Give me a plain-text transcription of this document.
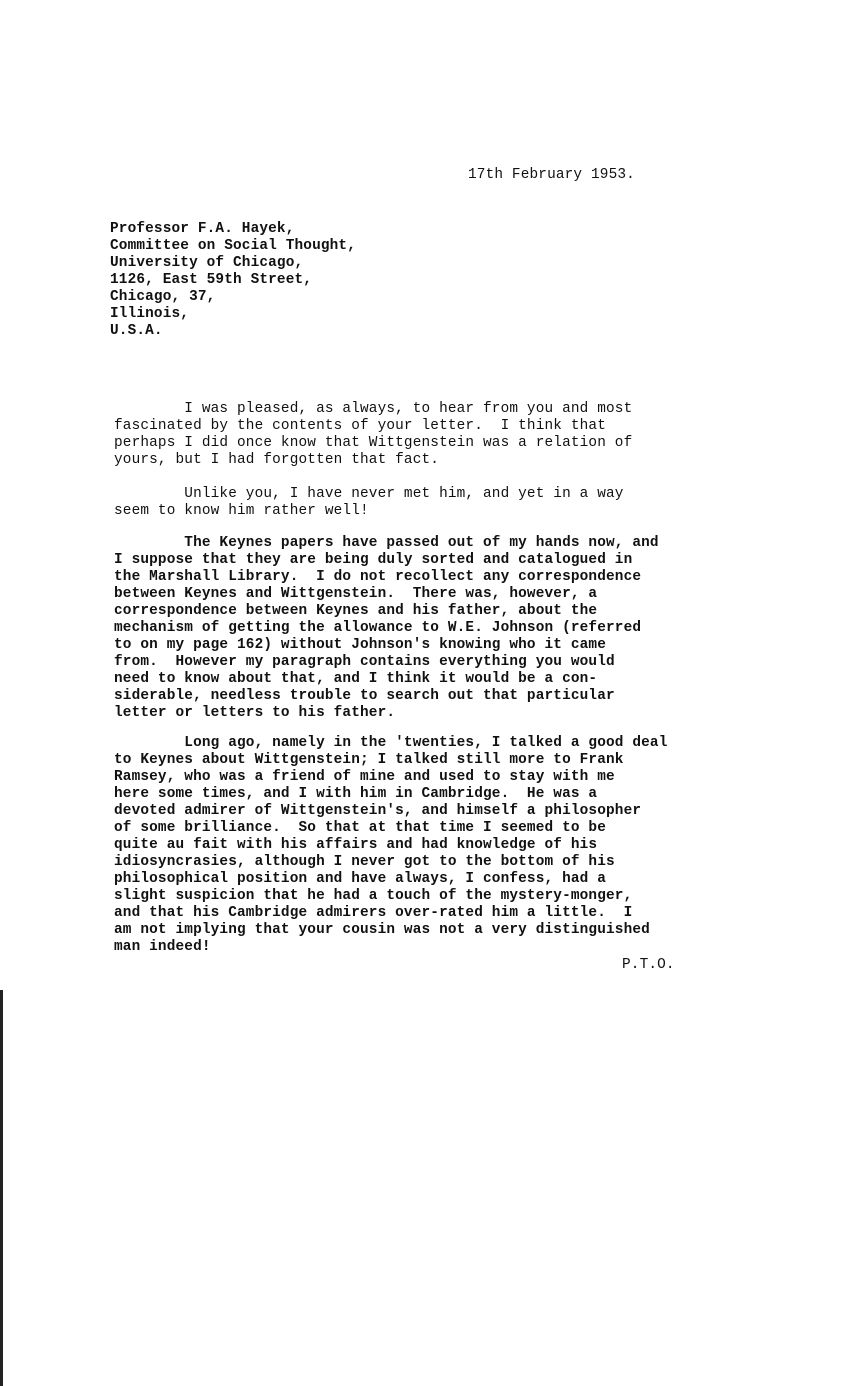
17th February 1953.
Professor F.A. Hayek,
Committee on Social Thought,
University of Chicago,
1126, East 59th Street,
Chicago, 37,
Illinois,
U.S.A.
I was pleased, as always, to hear from you and most
fascinated by the contents of your letter.  I think that
perhaps I did once know that Wittgenstein was a relation of
yours, but I had forgotten that fact.
Unlike you, I have never met him, and yet in a way
seem to know him rather well!
The Keynes papers have passed out of my hands now, and
I suppose that they are being duly sorted and catalogued in
the Marshall Library.  I do not recollect any correspondence
between Keynes and Wittgenstein.  There was, however, a
correspondence between Keynes and his father, about the
mechanism of getting the allowance to W.E. Johnson (referred
to on my page 162) without Johnson's knowing who it came
from.  However my paragraph contains everything you would
need to know about that, and I think it would be a con-
siderable, needless trouble to search out that particular
letter or letters to his father.
Long ago, namely in the 'twenties, I talked a good deal
to Keynes about Wittgenstein; I talked still more to Frank
Ramsey, who was a friend of mine and used to stay with me
here some times, and I with him in Cambridge.  He was a
devoted admirer of Wittgenstein's, and himself a philosopher
of some brilliance.  So that at that time I seemed to be
quite au fait with his affairs and had knowledge of his
idiosyncrasies, although I never got to the bottom of his
philosophical position and have always, I confess, had a
slight suspicion that he had a touch of the mystery-monger,
and that his Cambridge admirers over-rated him a little.  I
am not implying that your cousin was not a very distinguished
man indeed!
P.T.O.
